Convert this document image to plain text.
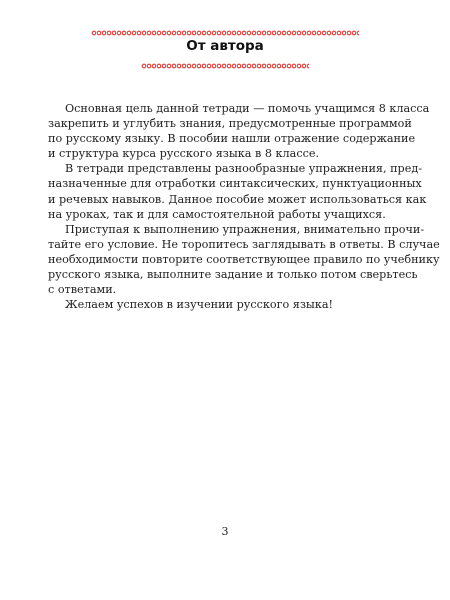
От автора
Основная цель данной тетради — помочь учащимся 8 класса
закрепить и углубить знания, предусмотренные программой
по русскому языку. В пособии нашли отражение содержание
и структура курса русского языка в 8 классе.
В тетради представлены разнообразные упражнения, пред-
назначенные для отработки синтаксических, пунктуационных
и речевых навыков. Данное пособие может использоваться как
на уроках, так и для самостоятельной работы учащихся.
Приступая к выполнению упражнения, внимательно прочи-
тайте его условие. Не торопитесь заглядывать в ответы. В случае
необходимости повторите соответствующее правило по учебнику
русского языка, выполните задание и только потом сверьтесь
с ответами.
Желаем успехов в изучении русского языка!
3
